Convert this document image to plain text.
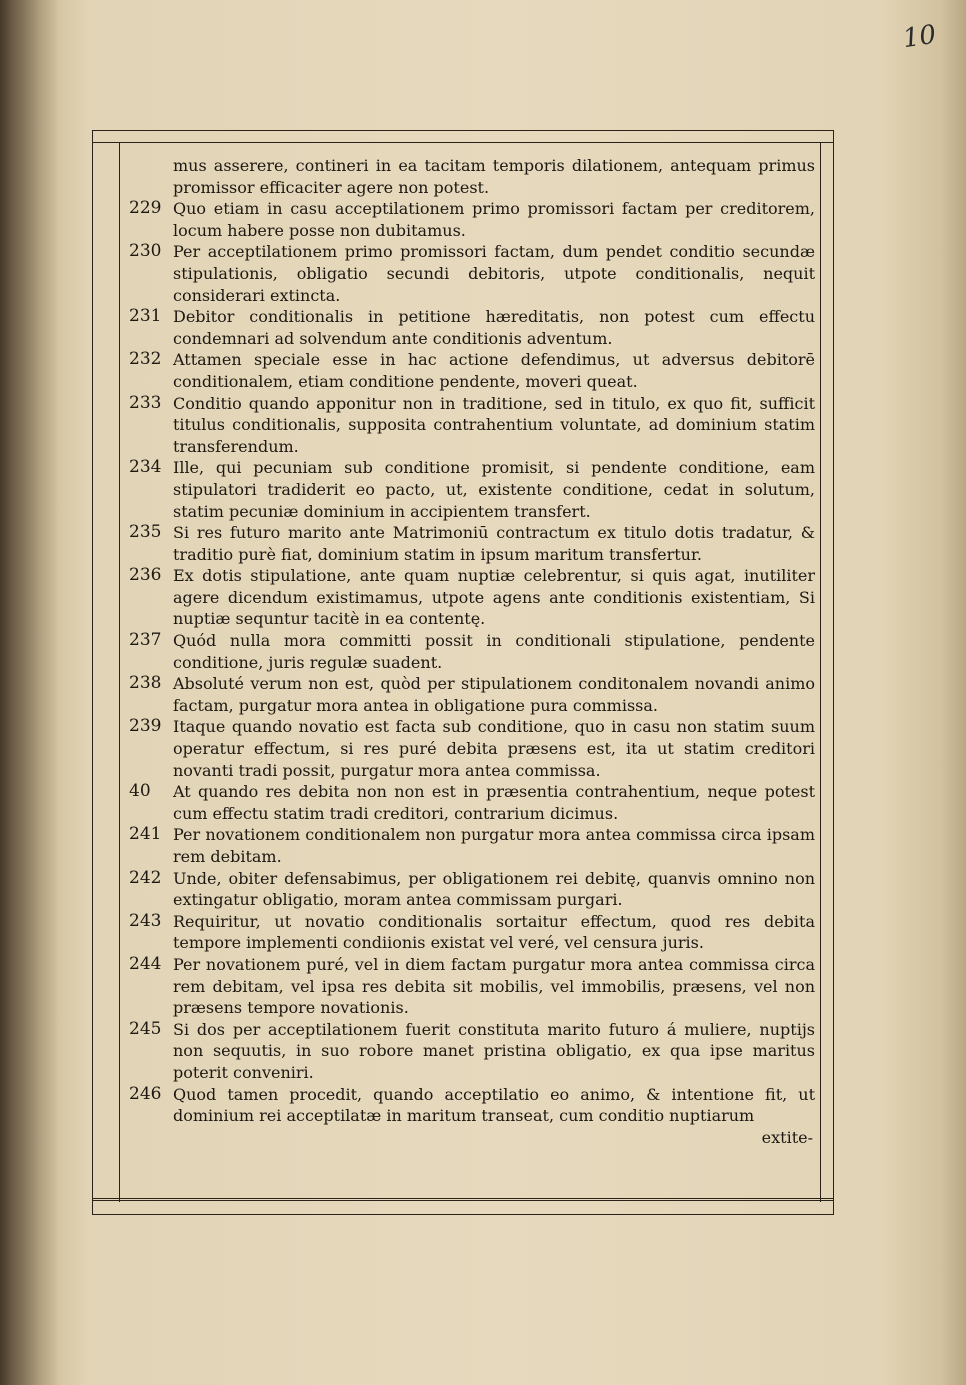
10

mus asserere, contineri in ea tacitam temporis dilationem, antequam primus promissor efficaciter agere non potest.

229 Quo etiam in casu acceptilationem primo promissori factam per creditorem, locum habere posse non dubitamus.

230 Per acceptilationem primo promissori factam, dum pendet conditio secundæ stipulationis, obligatio secundi debitoris, utpote conditionalis, nequit considerari extincta.

231 Debitor conditionalis in petitione hæreditatis, non potest cum effectu condemnari ad solvendum ante conditionis adventum.

232 Attamen speciale esse in hac actione defendimus, ut adversus debitorē conditionalem, etiam conditione pendente, moveri queat.

233 Conditio quando apponitur non in traditione, sed in titulo, ex quo fit, sufficit titulus conditionalis, supposita contrahentium voluntate, ad dominium statim transferendum.

234 Ille, qui pecuniam sub conditione promisit, si pendente conditione, eam stipulatori tradiderit eo pacto, ut, existente conditione, cedat in solutum, statim pecuniæ dominium in accipientem transfert.

235 Si res futuro marito ante Matrimoniū contractum ex titulo dotis tradatur, & traditio purè fiat, dominium statim in ipsum maritum transfertur.

236 Ex dotis stipulatione, ante quam nuptiæ celebrentur, si quis agat, inutiliter agere dicendum existimamus, utpote agens ante conditionis existentiam, Si nuptiæ sequntur tacitè in ea contentę.

237 Quód nulla mora committi possit in conditionali stipulatione, pendente conditione, juris regulæ suadent.

238 Absoluté verum non est, quòd per stipulationem conditonalem novandi animo factam, purgatur mora antea in obligatione pura commissa.

239 Itaque quando novatio est facta sub conditione, quo in casu non statim suum operatur effectum, si res puré debita præsens est, ita ut statim creditori novanti tradi possit, purgatur mora antea commissa.

40	At quando res debita non non est in præsentia contrahentium, neque potest cum effectu statim tradi creditori, contrarium dicimus.

241 Per novationem conditionalem non purgatur mora antea commissa circa ipsam rem debitam.

242 Unde, obiter defensabimus, per obligationem rei debitę, quanvis omnino non extingatur obligatio, moram antea commissam purgari.

243 Requiritur, ut novatio conditionalis sortaitur effectum, quod res debita tempore implementi condiionis existat vel veré, vel censura juris.

244 Per novationem puré, vel in diem factam purgatur mora antea commissa circa rem debitam, vel ipsa res debita sit mobilis, vel immobilis, præsens, vel non præsens tempore novationis.

245 Si dos per acceptilationem fuerit constituta marito futuro á muliere, nuptijs non sequutis, in suo robore manet pristina obligatio, ex qua ipse maritus poterit conveniri.

246 Quod tamen procedit, quando acceptilatio eo animo, & intentione fit, ut dominium rei acceptilatæ in maritum transeat, cum conditio nuptiarum

extite-
